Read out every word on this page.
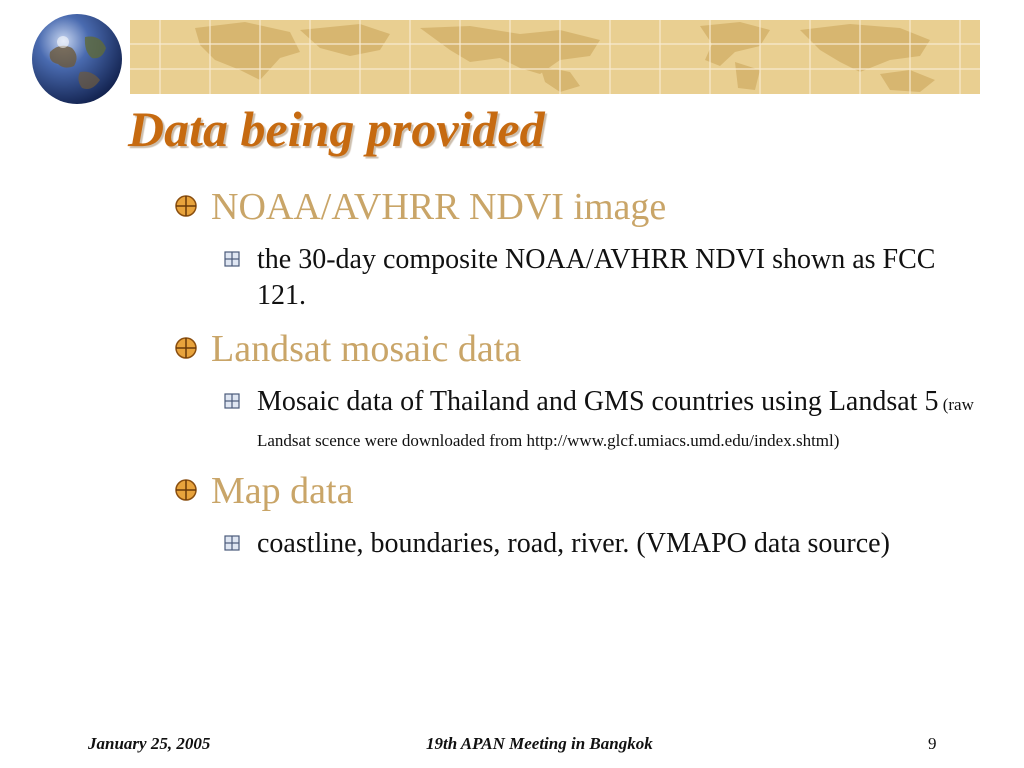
Data being provided
NOAA/AVHRR NDVI image
the 30-day composite NOAA/AVHRR NDVI shown as FCC 121.
Landsat mosaic data
Mosaic data of Thailand and GMS countries using Landsat 5 (raw Landsat scence were downloaded from http://www.glcf.umiacs.umd.edu/index.shtml)
Map data
coastline, boundaries, road, river. (VMAPO data source)
January 25, 2005	19th APAN Meeting in Bangkok	9
